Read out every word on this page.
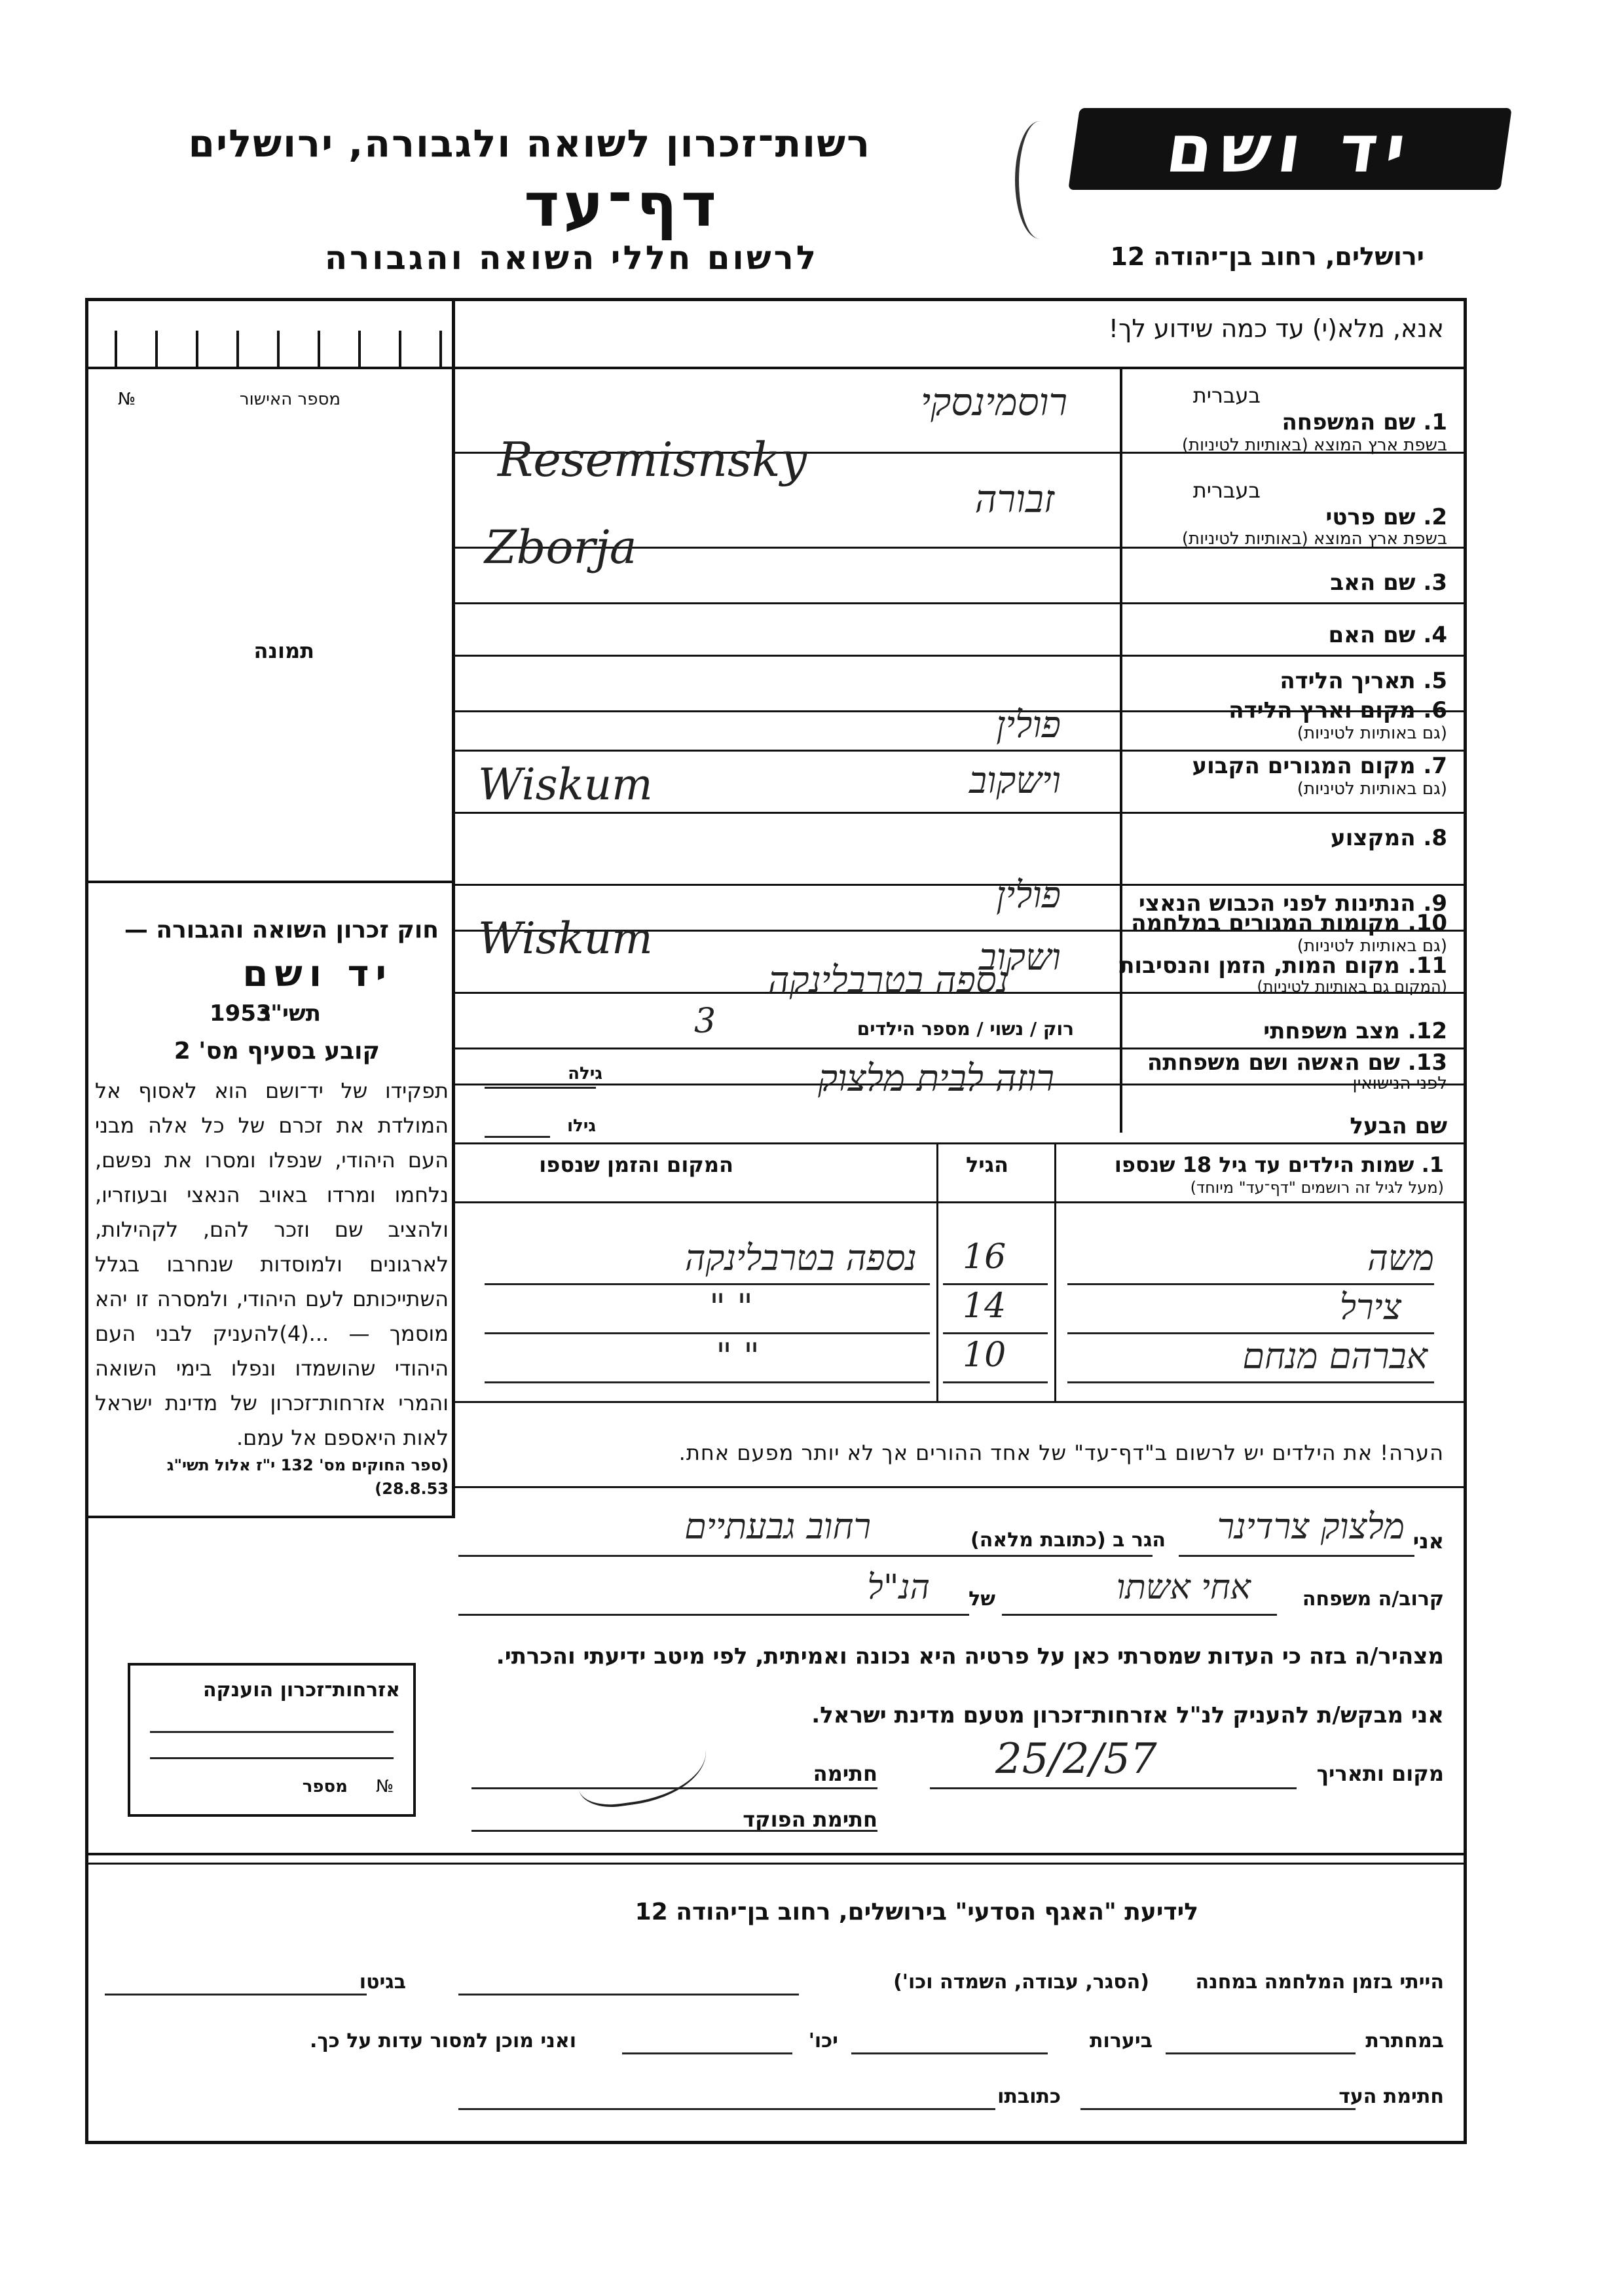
רשות־זכרון לשואה ולגבורה, ירושלים
דף־עד
לרשום חללי השואה והגבורה
יד ושם
ירושלים, רחוב בן־יהודה 12
אנא, מלא(י) עד כמה שידוע לך!
מספר האישור
№
תמונה
חוק זכרון השואה והגבורה —
יד ושם
1953
תשי"ג
קובע בסעיף מס' 2
תפקידו של יד־ושם הוא לאסוף אל המולדת את זכרם של כל אלה מבני העם היהודי, שנפלו ומסרו את נפשם, נלחמו ומרדו באויב הנאצי ובעוזריו, ולהציב שם וזכר להם, לקהילות, לארגונים ולמוסדות שנחרבו בגלל השתייכותם לעם היהודי, ולמסרה זו יהא מוסמך — ...(4)להעניק לבני העם היהודי שהושמדו ונפלו בימי השואה והמרי אזרחות־זכרון של מדינת ישראל לאות היאספם אל עמם.
(ספר החוקים מס' 132 י"ז אלול תשי"ג 28.8.53)
בעברית
1. שם המשפחה
בשפת ארץ המוצא (באותיות לטיניות)
רוסמינסקי
Resemisnsky
בעברית
2. שם פרטי
בשפת ארץ המוצא (באותיות לטיניות)
זבורה
Zborja
3. שם האב
4. שם האם
5. תאריך הלידה
6. מקום וארץ הלידה
(גם באותיות לטיניות)
פולין
7. מקום המגורים הקבוע
(גם באותיות לטיניות)
וישקוב
Wiskum
8. המקצוע
9. הנתינות לפני הכבוש הנאצי
פולין
10. מקומות המגורים במלחמה
(גם באותיות לטיניות)
ושקוב
Wiskum
11. מקום המות, הזמן והנסיבות
(המקום גם באותיות לטיניות)
נספה בטרבלינקה
12. מצב משפחתי
רוק / נשוי / מספר הילדים
3
13. שם האשה ושם משפחתה
לפני הנישואין
גילה	רוזה לבית מלצוק
שם הבעל
גילו
1. שמות הילדים עד גיל 18 שנספו
(מעל לגיל זה רושמים "דף־עד" מיוחד)
הגיל
המקום והזמן שנספו
משה
16
נספה בטרבלינקה
צירל
14
" "
אברהם מנחם
10
" "
הערה! את הילדים יש לרשום ב"דף־עד" של אחד ההורים אך לא יותר מפעם אחת.
אני
מלצוק צרדינר
הגר ב (כתובת מלאה)
רחוב גבעתיים
קרוב/ה משפחה
אחי אשתו
של
הנ"ל
מצהיר/ה בזה כי העדות שמסרתי כאן על פרטיה היא נכונה ואמיתית, לפי מיטב ידיעתי והכרתי.
אני מבקש/ת להעניק לנ"ל אזרחות־זכרון מטעם מדינת ישראל.
מקום ותאריך
25/2/57
חתימה
חתימת הפוקד
אזרחות־זכרון הוענקה
מספר №
לידיעת "האגף הסדעי" בירושלים, רחוב בן־יהודה 12
הייתי בזמן המלחמה במחנה
(הסגר, עבודה, השמדה וכו')
בגיטו
במחתרת
ביערות
יכו'
ואני מוכן למסור עדות על כך.
חתימת העד
כתובתו
